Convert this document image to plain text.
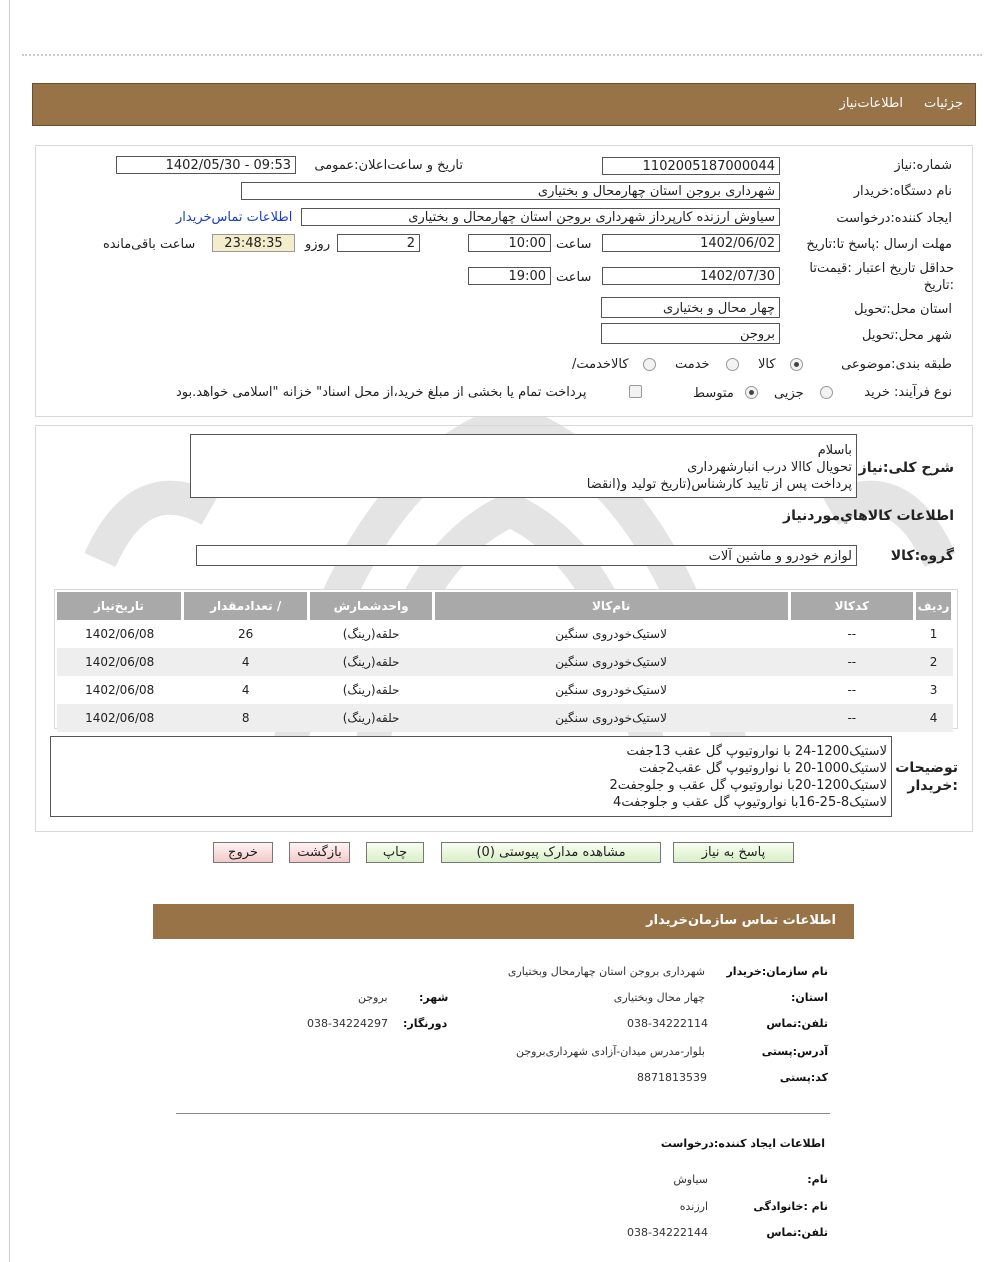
جزئیات
اطلاعات‌نیاز
شماره:نیاز
1102005187000044
تاریخ و ساعت‌اعلان:عمومی
1402/05/30 - 09:53
نام دستگاه:خریدار
شهرداری بروجن استان چهارمحال و بختیاری
ایجاد کننده:درخواست
سیاوش ارزنده کارپرداز شهرداری بروجن استان چهارمحال و بختیاری
اطلاعات تماس‌خریدار
مهلت ارسال :پاسخ تا:تاریخ
1402/06/02
ساعت
10:00
2
روزو
23:48:35
ساعت باقی‌مانده
حداقل تاریخ اعتبار :قیمت‌تا :تاریخ
1402/07/30
ساعت
19:00
استان محل:تحویل
چهار محال و بختیاری
شهر محل:تحویل
بروجن
طبقه بندی:موضوعی
کالا
خدمت
کالاخدمت/
نوع فرآیند: خرید
جزیی
متوسط
پرداخت تمام یا بخشی از مبلغ خرید،از محل اسناد" خزانه "اسلامی خواهد.بود
شرح کلی:نیاز
باسلام
تحویال کاالا درب انبارشهرداری
پرداخت پس از تایید کارشناس(تاریخ تولید و(انقضا
اطلاعات کالاهاي‌موردنیاز
گروه:کالا
لوازم خودرو و ماشین آلات
ردیف	کدکالا	نام‌کالا	واحدشمارش	/ تعدادمقدار	تاریخ‌نیاز
1	--	لاستیک‌خودروی سنگین	حلقه(رینگ)	26	1402/06/08
2	--	لاستیک‌خودروی سنگین	حلقه(رینگ)	4	1402/06/08
3	--	لاستیک‌خودروی سنگین	حلقه(رینگ)	4	1402/06/08
4	--	لاستیک‌خودروی سنگین	حلقه(رینگ)	8	1402/06/08
توضیحات
:خریدار
لاستیک1200-24 با نواروتیوپ گل عقب 13جفت
لاستیک1000-20 با نواروتیوپ گل عقب2جفت
لاستیک1200-20با نواروتیوپ گل عقب و جلوجفت2
لاستیک8-25-16با نواروتیوپ گل عقب و جلوجفت4
پاسخ به نیاز
مشاهده مدارک پیوستی (0)
چاپ
بازگشت
خروج
اطلاعات تماس سازمان‌خریدار
نام سازمان:خریدار
شهرداری بروجن استان چهارمحال وبختیاری
:استان
چهار محال وبختیاری
:شهر
بروجن
تلفن:تماس
038-34222114
:دورنگار
038-34224297
آدرس:پستی
بلوار-مدرس میدان-آزادی شهرداری‌بروجن
کد:پستی
8871813539
اطلاعات ایجاد کننده:درخواست
:نام
سیاوش
نام :خانوادگی
ارزنده
تلفن:تماس
038-34222144
